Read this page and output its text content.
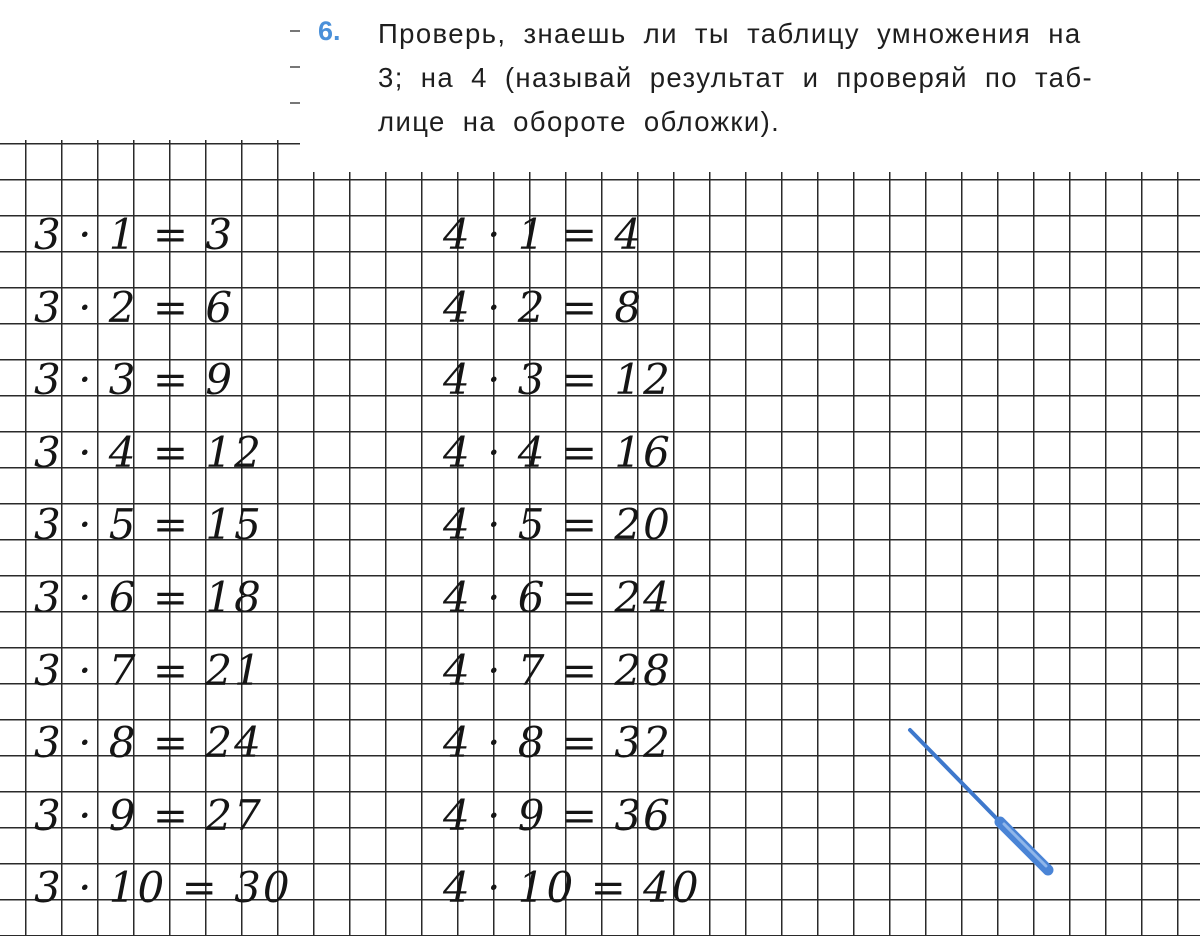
6. Проверь, знаешь ли ты таблицу умножения на
3; на 4 (называй результат и проверяй по таб-
лице на обороте обложки).
3 · 1 = 3
3 · 2 = 6
3 · 3 = 9
3 · 4 = 12
3 · 5 = 15
3 · 6 = 18
3 · 7 = 21
3 · 8 = 24
3 · 9 = 27
3 · 10 = 30
4 · 1 = 4
4 · 2 = 8
4 · 3 = 12
4 · 4 = 16
4 · 5 = 20
4 · 6 = 24
4 · 7 = 28
4 · 8 = 32
4 · 9 = 36
4 · 10 = 40
